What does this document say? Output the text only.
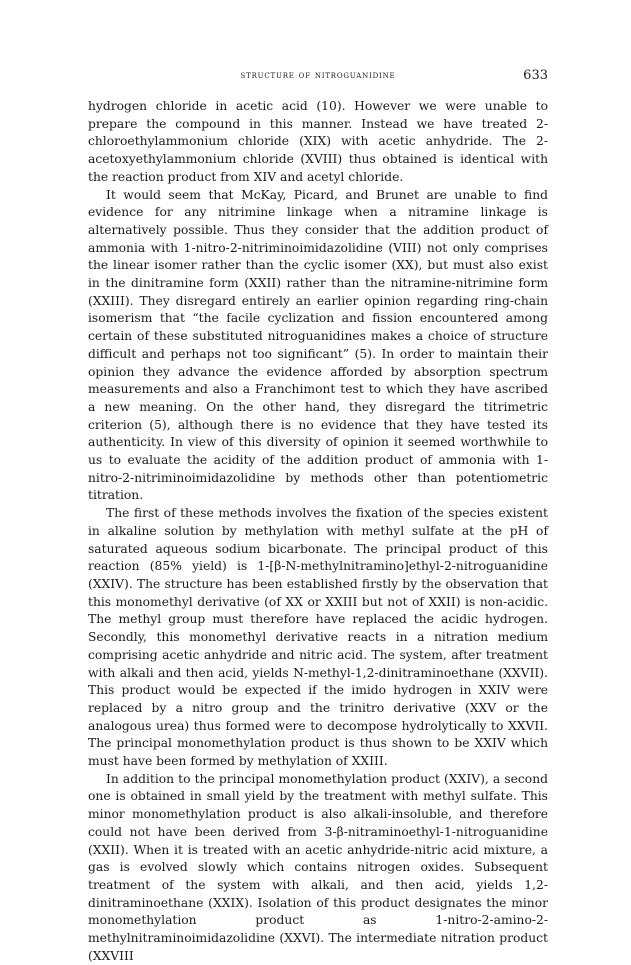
structure of nitroguanidine	633

hydrogen chloride in acetic acid (10). However we were unable to prepare the compound in this manner. Instead we have treated 2-chloroethylammonium chloride (XIX) with acetic anhydride. The 2-acetoxyethylammonium chloride (XVIII) thus obtained is identical with the reaction product from XIV and acetyl chloride.

It would seem that McKay, Picard, and Brunet are unable to find evidence for any nitrimine linkage when a nitramine linkage is alternatively possible. Thus they consider that the addition product of ammonia with 1-nitro-2-nitriminoimidazolidine (VIII) not only comprises the linear isomer rather than the cyclic isomer (XX), but must also exist in the dinitramine form (XXII) rather than the nitramine-nitrimine form (XXIII). They disregard entirely an earlier opinion regarding ring-chain isomerism that “the facile cyclization and fission encountered among certain of these substituted nitroguanidines makes a choice of structure difficult and perhaps not too significant” (5). In order to maintain their opinion they advance the evidence afforded by absorption spectrum measurements and also a Franchimont test to which they have ascribed a new meaning. On the other hand, they disregard the titrimetric criterion (5), although there is no evidence that they have tested its authenticity. In view of this diversity of opinion it seemed worthwhile to us to evaluate the acidity of the addition product of ammonia with 1-nitro-2-nitriminoimidazolidine by methods other than potentiometric titration.

The first of these methods involves the fixation of the species existent in alkaline solution by methylation with methyl sulfate at the pH of saturated aqueous sodium bicarbonate. The principal product of this reaction (85% yield) is 1-[β-N-methylnitramino]ethyl-2-nitroguanidine (XXIV). The structure has been established firstly by the observation that this monomethyl derivative (of XX or XXIII but not of XXII) is non-acidic. The methyl group must therefore have replaced the acidic hydrogen. Secondly, this monomethyl derivative reacts in a nitration medium comprising acetic anhydride and nitric acid. The system, after treatment with alkali and then acid, yields N-methyl-1,2-dinitraminoethane (XXVII). This product would be expected if the imido hydrogen in XXIV were replaced by a nitro group and the trinitro derivative (XXV or the analogous urea) thus formed were to decompose hydrolytically to XXVII. The principal monomethylation product is thus shown to be XXIV which must have been formed by methylation of XXIII.

In addition to the principal monomethylation product (XXIV), a second one is obtained in small yield by the treatment with methyl sulfate. This minor monomethylation product is also alkali-insoluble, and therefore could not have been derived from 3-β-nitraminoethyl-1-nitroguanidine (XXII). When it is treated with an acetic anhydride-nitric acid mixture, a gas is evolved slowly which contains nitrogen oxides. Subsequent treatment of the system with alkali, and then acid, yields 1,2-dinitraminoethane (XXIX). Isolation of this product designates the minor monomethylation product as 1-nitro-2-amino-2-methylnitraminoimidazolidine (XXVI). The intermediate nitration product (XXVIII
